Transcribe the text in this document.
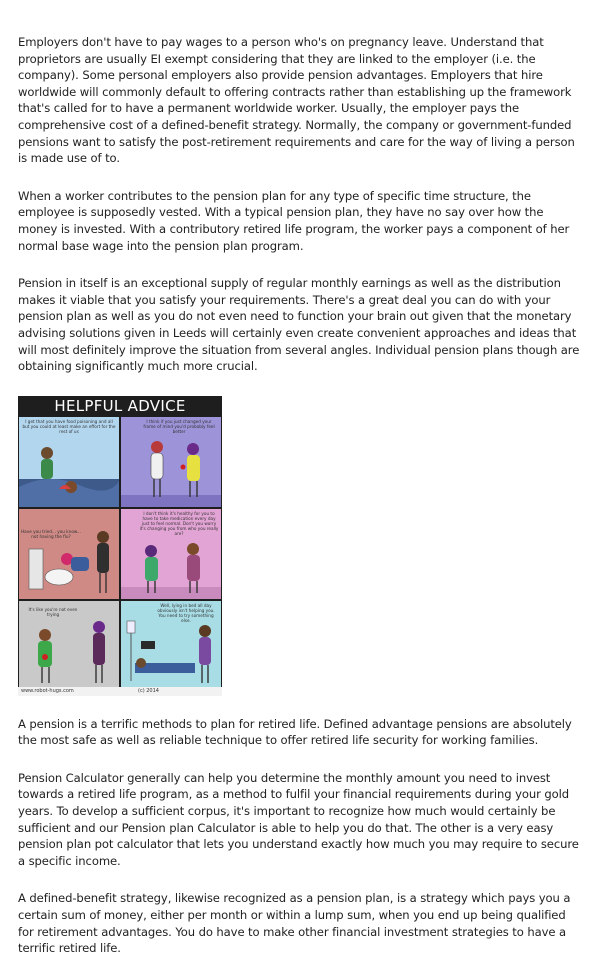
Employers don't have to pay wages to a person who's on pregnancy leave. Understand that proprietors are usually EI exempt considering that they are linked to the employer (i.e. the company). Some personal employers also provide pension advantages. Employers that hire worldwide will commonly default to offering contracts rather than establishing up the framework that's called for to have a permanent worldwide worker. Usually, the employer pays the comprehensive cost of a defined-benefit strategy. Normally, the company or government-funded pensions want to satisfy the post-retirement requirements and care for the way of living a person is made use of to.

When a worker contributes to the pension plan for any type of specific time structure, the employee is supposedly vested. With a typical pension plan, they have no say over how the money is invested. With a contributory retired life program, the worker pays a component of her normal base wage into the pension plan program.

Pension in itself is an exceptional supply of regular monthly earnings as well as the distribution makes it viable that you satisfy your requirements. There's a great deal you can do with your pension plan as well as you do not even need to function your brain out given that the monetary advising solutions given in Leeds will certainly even create convenient approaches and ideas that will most definitely improve the situation from several angles. Individual pension plans though are obtaining significantly much more crucial.

HELPFUL ADVICE
I get that you have food poisoning and all but you could at least make an effort for the rest of us
I think if you just changed your frame of mind you'd probably feel better
Have you tried... you know... not having the flu?
I don't think it's healthy for you to have to take medication every day just to feel normal. Don't you worry it's changing you from who you really are?
It's like you're not even trying
Well, lying in bed all day obviously isn't helping you. You need to try something else.
www.robot-hugs.com	(c) 2014

A pension is a terrific methods to plan for retired life. Defined advantage pensions are absolutely the most safe as well as reliable technique to offer retired life security for working families.

Pension Calculator generally can help you determine the monthly amount you need to invest towards a retired life program, as a method to fulfil your financial requirements during your gold years. To develop a sufficient corpus, it's important to recognize how much would certainly be sufficient and our Pension plan Calculator is able to help you do that. The other is a very easy pension plan pot calculator that lets you understand exactly how much you may require to secure a specific income.

A defined-benefit strategy, likewise recognized as a pension plan, is a strategy which pays you a certain sum of money, either per month or within a lump sum, when you end up being qualified for retirement advantages. You do have to make other financial investment strategies to have a terrific retired life.
